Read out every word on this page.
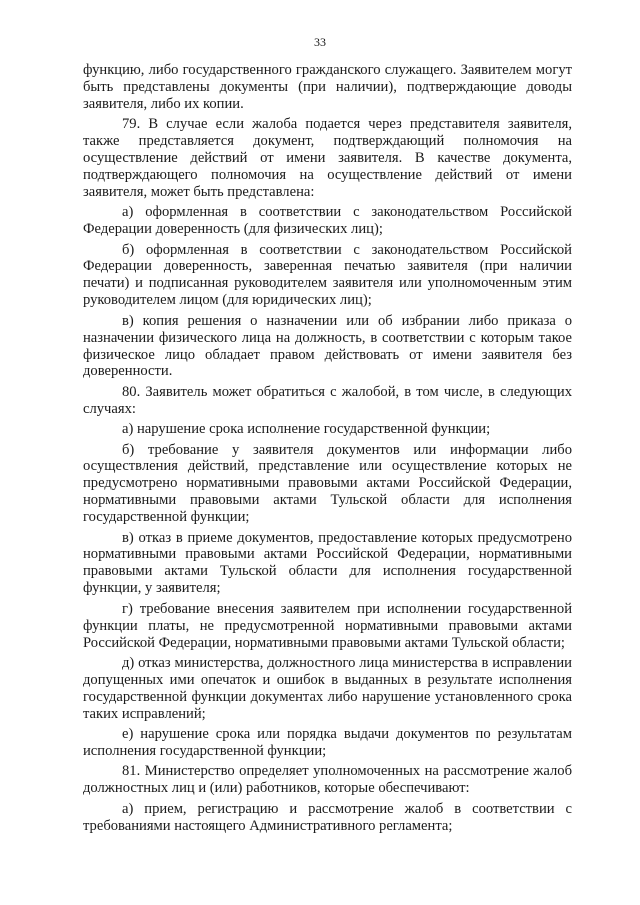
33

функцию, либо государственного гражданского служащего. Заявителем могут быть представлены документы (при наличии), подтверждающие доводы заявителя, либо их копии.

79. В случае если жалоба подается через представителя заявителя, также представляется документ, подтверждающий полномочия на осуществление действий от имени заявителя. В качестве документа, подтверждающего полномочия на осуществление действий от имени заявителя, может быть представлена:

а) оформленная в соответствии с законодательством Российской Федерации доверенность (для физических лиц);

б) оформленная в соответствии с законодательством Российской Федерации доверенность, заверенная печатью заявителя (при наличии печати) и подписанная руководителем заявителя или уполномоченным этим руководителем лицом (для юридических лиц);

в) копия решения о назначении или об избрании либо приказа о назначении физического лица на должность, в соответствии с которым такое физическое лицо обладает правом действовать от имени заявителя без доверенности.

80. Заявитель может обратиться с жалобой, в том числе, в следующих случаях:

а) нарушение срока исполнение государственной функции;

б) требование у заявителя документов или информации либо осуществления действий, представление или осуществление которых не предусмотрено нормативными правовыми актами Российской Федерации, нормативными правовыми актами Тульской области для исполнения государственной функции;

в) отказ в приеме документов, предоставление которых предусмотрено нормативными правовыми актами Российской Федерации, нормативными правовыми актами Тульской области для исполнения государственной функции, у заявителя;

г) требование внесения заявителем при исполнении государственной функции платы, не предусмотренной нормативными правовыми актами Российской Федерации, нормативными правовыми актами Тульской области;

д) отказ министерства, должностного лица министерства в исправлении допущенных ими опечаток и ошибок в выданных в результате исполнения государственной функции документах либо нарушение установленного срока таких исправлений;

е) нарушение срока или порядка выдачи документов по результатам исполнения государственной функции;

81. Министерство определяет уполномоченных на рассмотрение жалоб должностных лиц и (или) работников, которые обеспечивают:

а) прием, регистрацию и рассмотрение жалоб в соответствии с требованиями настоящего Административного регламента;
